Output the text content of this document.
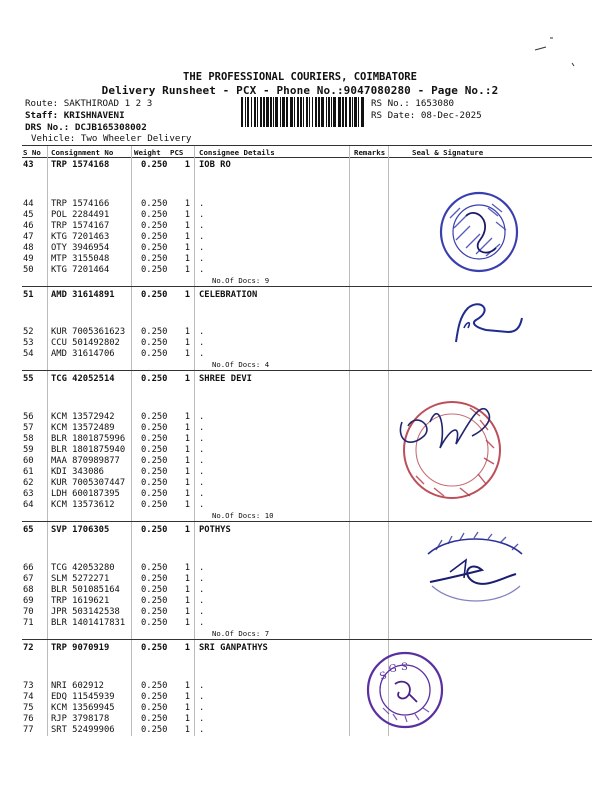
THE PROFESSIONAL COURIERS, COIMBATORE
Delivery Runsheet - PCX - Phone No.:9047080280 - Page No.:2
Route: SAKTHIROAD 1 2 3
Staff: KRISHNAVENI
DRS No.: DCJB165308002
Vehicle: Two Wheeler Delivery
RS No.: 1653080
RS Date: 08-Dec-2025
S No Consignment No	Weight PCS Consignee Details	Remarks	Seal & Signature
43	TRP 1574168	0.250	1 IOB RO
44	TRP 1574166	0.250	1 .
45	POL 2284491	0.250	1 .
46	TRP 1574167	0.250	1 .
47	KTG 7201463	0.250	1 .
48	OTY 3946954	0.250	1 .
49	MTP 3155048	0.250	1 .
50	KTG 7201464	0.250	1 .
No.Of Docs: 9
51	AMD 31614891	0.250	1 CELEBRATION
52	KUR 7005361623 0.250	1 .
53	CCU 501492802 0.250	1 .
54	AMD 31614706	0.250	1 .
No.Of Docs: 4
55	TCG 42052514	0.250	1 SHREE DEVI
56	KCM 13572942	0.250	1 .
57	KCM 13572489	0.250	1 .
58	BLR 1801875996 0.250	1 .
59	BLR 1801875940 0.250	1 .
60	MAA 870989877 0.250	1 .
61	KDI 343086	0.250	1 .
62	KUR 7005307447 0.250	1 .
63	LDH 600187395 0.250	1 .
64	KCM 13573612	0.250	1 .
No.Of Docs: 10
65	SVP 1706305	0.250	1 POTHYS
66	TCG 42053280	0.250	1 .
67	SLM 5272271	0.250	1 .
68	BLR 501085164 0.250	1 .
69	TRP 1619621	0.250	1 .
70	JPR 503142538 0.250	1 .
71	BLR 1401417831 0.250	1 .
No.Of Docs: 7
72	TRP 9070919	0.250	1 SRI GANPATHYS
73	NRI 602912	0.250	1 .
74	EDQ 11545939	0.250	1 .
75	KCM 13569945	0.250	1 .
76	RJP 3798178	0.250	1 .
77	SRT 52499906	0.250	1 .
S
G S
